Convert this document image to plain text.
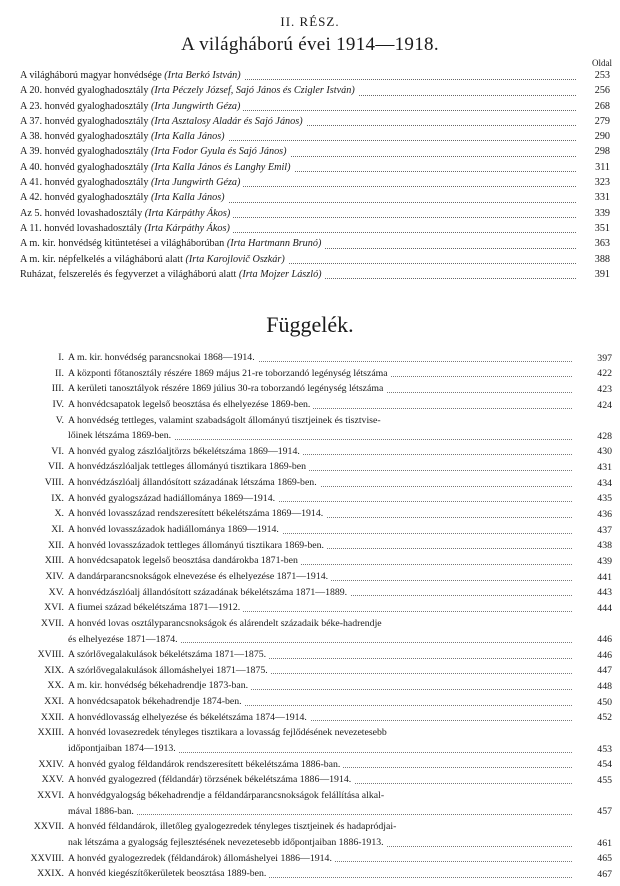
II. RÉSZ.
A világháború évei 1914—1918.
Oldal
A világháború magyar honvédsége (Irta Berkó István)	253
A 20. honvéd gyaloghadosztály (Irta Péczely József, Sajó János és Czigler István)	256
A 23. honvéd gyaloghadosztály (Irta Jungwirth Géza)	268
A 37. honvéd gyaloghadosztály (Irta Asztalosy Aladár és Sajó János)	279
A 38. honvéd gyaloghadosztály (Irta Kalla János)	290
A 39. honvéd gyaloghadosztály (Irta Fodor Gyula és Sajó János)	298
A 40. honvéd gyaloghadosztály (Irta Kalla János és Langhy Emil)	311
A 41. honvéd gyaloghadosztály (Irta Jungwirth Géza)	323
A 42. honvéd gyaloghadosztály (Irta Kalla János)	331
Az 5. honvéd lovashadosztály (Irta Kárpáthy Ákos)	339
A 11. honvéd lovashadosztály (Irta Kárpáthy Ákos)	351
A m. kir. honvédség kitüntetései a világháborúban (Irta Hartmann Brunó)	363
A m. kir. népfelkelés a világháború alatt (Irta Karojlovič Oszkár)	388
Ruházat, felszerelés és fegyverzet a világháború alatt (Irta Mojzer László)	391
Függelék.
I. A m. kir. honvédség parancsnokai 1868—1914.	397
II. A központi főtanosztály részére 1869 május 21-re toborzandó legénység létszáma	422
III. A kerületi tanosztályok részére 1869 július 30-ra toborzandó legénység létszáma	423
IV. A honvédcsapatok legelső beosztása és elhelyezése 1869-ben.	424
V. A honvédség tettleges, valamint szabadságolt állományú tisztjeinek és tisztvise-
lőinek létszáma 1869-ben.	428
VI. A honvéd gyalog zászlóaljtörzs békelétszáma 1869—1914.	430
VII. A honvédzászlóaljak tettleges állományú tisztikara 1869-ben	431
VIII. A honvédzászlóalj állandósított századának létszáma 1869-ben.	434
IX. A honvéd gyalogszázad hadiállománya 1869—1914.	435
X. A honvéd lovasszázad rendszeresített békelétszáma 1869—1914.	436
XI. A honvéd lovasszázadok hadiállománya 1869—1914.	437
XII. A honvéd lovasszázadok tettleges állományú tisztikara 1869-ben.	438
XIII. A honvédcsapatok legelső beosztása dandárokba 1871-ben	439
XIV. A dandárparancsnokságok elnevezése és elhelyezése 1871—1914.	441
XV. A honvédzászlóalj állandósított századának békelétszáma 1871—1889.	443
XVI. A fiumei század békelétszáma 1871—1912.	444
XVII. A honvéd lovas osztályparancsnokságok és alárendelt századaik béke-hadrendje
és elhelyezése 1871—1874.	446
XVIII. A szórlővegalakulások békelétszáma 1871—1875.	446
XIX. A szórlővegalakulások állomáshelyei 1871—1875.	447
XX. A m. kir. honvédség békehadrendje 1873-ban.	448
XXI. A honvédcsapatok békehadrendje 1874-ben.	450
XXII. A honvédlovasság elhelyezése és békelétszáma 1874—1914.	452
XXIII. A honvéd lovasezredek tényleges tisztikara a lovasság fejlődésének nevezetesebb
időpontjaiban 1874—1913.	453
XXIV. A honvéd gyalog féldandárok rendszeresített békelétszáma 1886-ban.	454
XXV. A honvéd gyalogezred (féldandár) törzsének békelétszáma 1886—1914.	455
XXVI. A honvédgyalogság békehadrendje a féldandárparancsnokságok felállítása alkal-
mával 1886-ban.	457
XXVII. A honvéd féldandárok, illetőleg gyalogezredek tényleges tisztjeinek és hadapródjai-
nak létszáma a gyalogság fejlesztésének nevezetesebb időpontjaiban 1886-1913.	461
XXVIII. A honvéd gyalogezredek (féldandárok) állomáshelyei 1886—1914.	465
XXIX. A honvéd kiegészítőkerületek beosztása 1889-ben.	467
